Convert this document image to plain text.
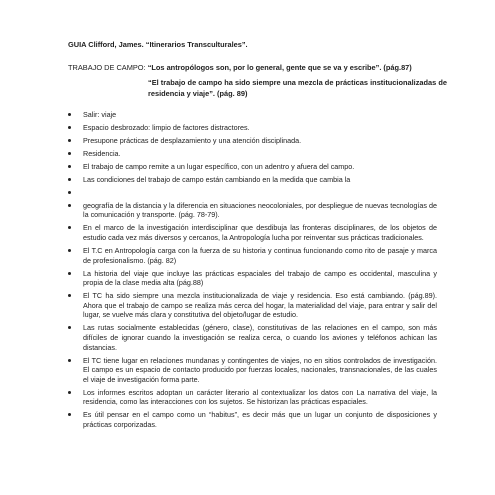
GUIA Clifford, James. “Itinerarios Transculturales”.
TRABAJO DE CAMPO: “Los antropólogos son, por lo general, gente que se va y escribe”. (pág.87)
“El trabajo de campo ha sido siempre una mezcla de prácticas institucionalizadas de residencia y viaje”. (pág. 89)
Salir: viaje
Espacio desbrozado: limpio de factores distractores.
Presupone prácticas de desplazamiento y una atención disciplinada.
Residencia.
El trabajo de campo remite a un lugar específico, con un adentro y afuera del campo.
Las condiciones del trabajo de campo están cambiando en la medida que cambia la
geografía de la distancia y la diferencia en situaciones neocoloniales, por despliegue de nuevas tecnologías de la comunicación y transporte. (pág. 78-79).
En el marco de la investigación interdisciplinar que desdibuja las fronteras disciplinares, de los objetos de estudio cada vez más diversos y cercanos, la Antropología lucha por reinventar sus prácticas tradicionales.
El T.C en Antropología carga con la fuerza de su historia y continua funcionando como rito de pasaje y marca de profesionalismo. (pág. 82)
La historia del viaje que incluye las prácticas espaciales del trabajo de campo es occidental, masculina y propia de la clase media alta (pág.88)
El TC ha sido siempre una mezcla institucionalizada de viaje y residencia. Eso está cambiando. (pág.89). Ahora que el trabajo de campo se realiza más cerca del hogar, la materialidad del viaje, para entrar y salir del lugar, se vuelve más clara y constitutiva del objeto/lugar de estudio.
Las rutas socialmente establecidas (género, clase), constitutivas de las relaciones en el campo, son más difíciles de ignorar cuando la investigación se realiza cerca, o cuando los aviones y teléfonos achican las distancias.
El TC tiene lugar en relaciones mundanas y contingentes de viajes, no en sitios controlados de investigación. El campo es un espacio de contacto producido por fuerzas locales, nacionales, transnacionales, de las cuales el viaje de investigación forma parte.
Los informes escritos adoptan un carácter literario al contextualizar los datos con La narrativa del viaje, la residencia, como las interacciones con los sujetos. Se historizan las prácticas espaciales.
Es útil pensar en el campo como un “habitus”, es decir más que un lugar un conjunto de disposiciones y prácticas corporizadas.
